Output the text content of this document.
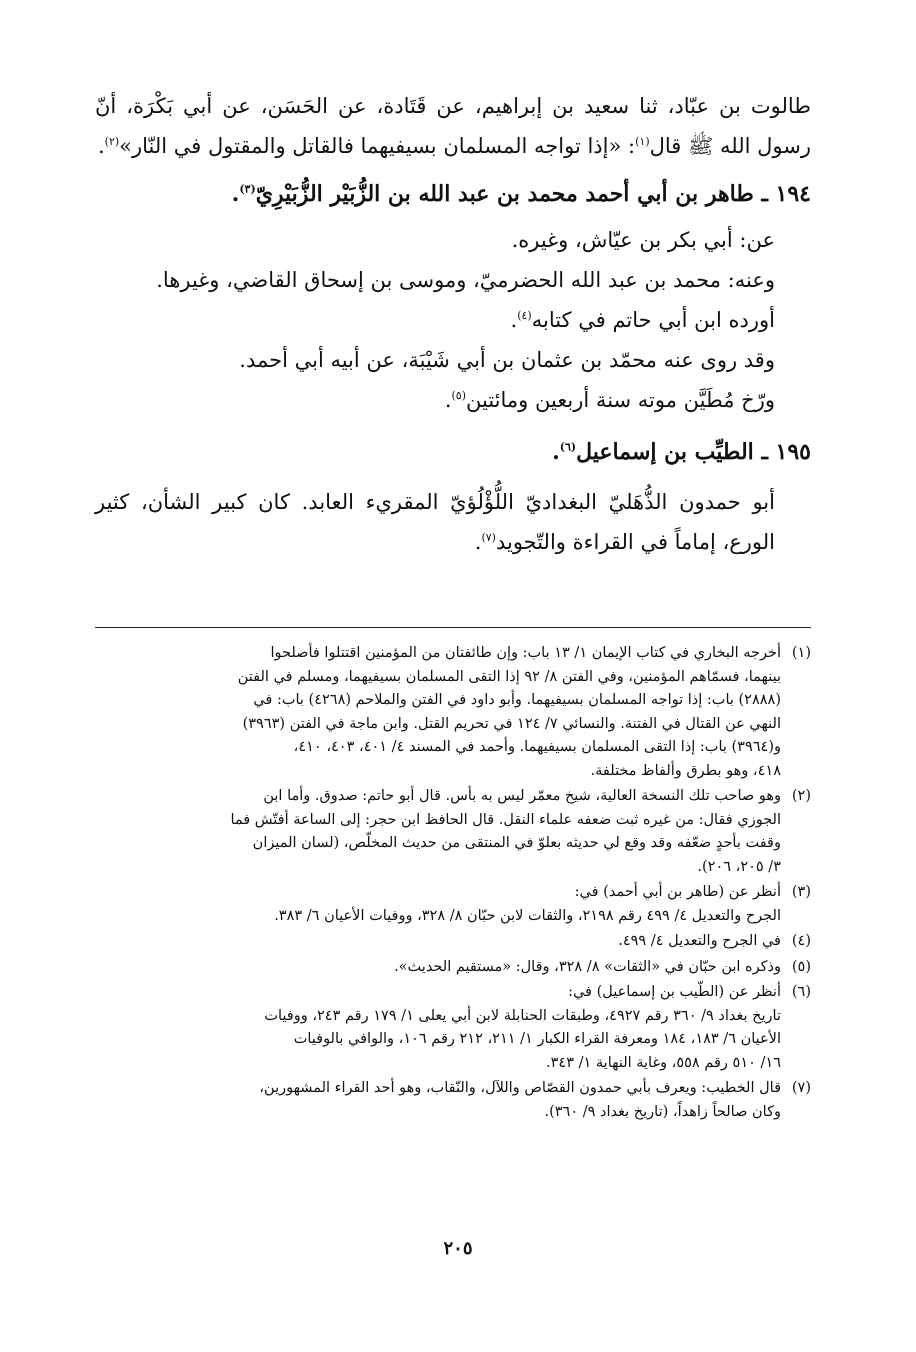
طالوت بن عبّاد، ثنا سعيد بن إبراهيم، عن قَتَادة، عن الحَسَن، عن أبي بَكْرَة، أنّ رسول الله ﷺ قال$^{(١)}$: «إذا تواجه المسلمان بسيفيهما فالقاتل والمقتول في النّار»$^{(٢)}$.

١٩٤ ـ طاهر بن أبي أحمد محمد بن عبد الله بن الزُّبَيْر الزُّبَيْرِيّ$^{(٣)}$.

عن: أبي بكر بن عيّاش، وغيره.

وعنه: محمد بن عبد الله الحضرميّ، وموسى بن إسحاق القاضي، وغيرها.

أورده ابن أبي حاتم في كتابه$^{(٤)}$.

وقد روى عنه محمّد بن عثمان بن أبي شَيْبَة، عن أبيه أبي أحمد.

ورّخ مُطَيَّن موته سنة أربعين ومائتين$^{(٥)}$.

١٩٥ ـ الطيِّب بن إسماعيل$^{(٦)}$.

أبو حمدون الذُّهَليّ البغداديّ اللُّؤْلُؤيّ المقريء العابد. كان كبير الشأن، كثير الورع، إماماً في القراءة والتّجويد$^{(٧)}$.

(١)
أخرجه البخاري في كتاب الإيمان ١/ ١٣ باب: وإن طائفتان من المؤمنين اقتتلوا فأصلحوا
بينهما، فسمّاهم المؤمنين، وفي الفتن ٨/ ٩٢ إذا التقى المسلمان بسيفيهما، ومسلم في الفتن
(٢٨٨٨) باب: إذا تواجه المسلمان بسيفيهما. وأبو داود في الفتن والملاحم (٤٢٦٨) باب: في
النهي عن القتال في الفتنة. والنسائي ٧/ ١٢٤ في تحريم القتل. وابن ماجة في الفتن (٣٩٦٣)
و(٣٩٦٤) باب: إذا التقى المسلمان بسيفيهما. وأحمد في المسند ٤/ ٤٠١، ٤٠٣، ٤١٠،
٤١٨، وهو بطرق وألفاظ مختلفة.
(٢)
وهو صاحب تلك النسخة العالية، شيخ معمّر ليس به بأس. قال أبو حاتم: صدوق. وأما ابن
الجوزي فقال: من غيره ثبت ضعفه علماء النقل. قال الحافظ ابن حجر: إلى الساعة أفتّش فما
وقفت بأحدٍ ضعّفه وقد وقع لي حديثه بعلوّ في المنتقى من حديث المخلّص، (لسان الميزان
٣/ ٢٠٥، ٢٠٦).
(٣)
أنظر عن (طاهر بن أبي أحمد) في:
الجرح والتعديل ٤/ ٤٩٩ رقم ٢١٩٨، والثقات لابن حبّان ٨/ ٣٢٨، ووفيات الأعيان ٦/ ٣٨٣.
(٤)
في الجرح والتعديل ٤/ ٤٩٩.
(٥)
وذكره ابن حبّان في «الثقات» ٨/ ٣٢٨، وقال: «مستقيم الحديث».
(٦)
أنظر عن (الطّيب بن إسماعيل) في:
تاريخ بغداد ٩/ ٣٦٠ رقم ٤٩٢٧، وطبقات الحنابلة لابن أبي يعلى ١/ ١٧٩ رقم ٢٤٣، ووفيات
الأعيان ٦/ ١٨٣، ١٨٤ ومعرفة القراء الكبار ١/ ٢١١، ٢١٢ رقم ١٠٦، والوافي بالوفيات
١٦/ ٥١٠ رقم ٥٥٨، وغاية النهاية ١/ ٣٤٣.
(٧)
قال الخطيب: ويعرف بأبي حمدون القصّاص واللآل، والنّقاب، وهو أحد القراء المشهورين،
وكان صالحاً زاهداً، (تاريخ بغداد ٩/ ٣٦٠).
٢٠٥
